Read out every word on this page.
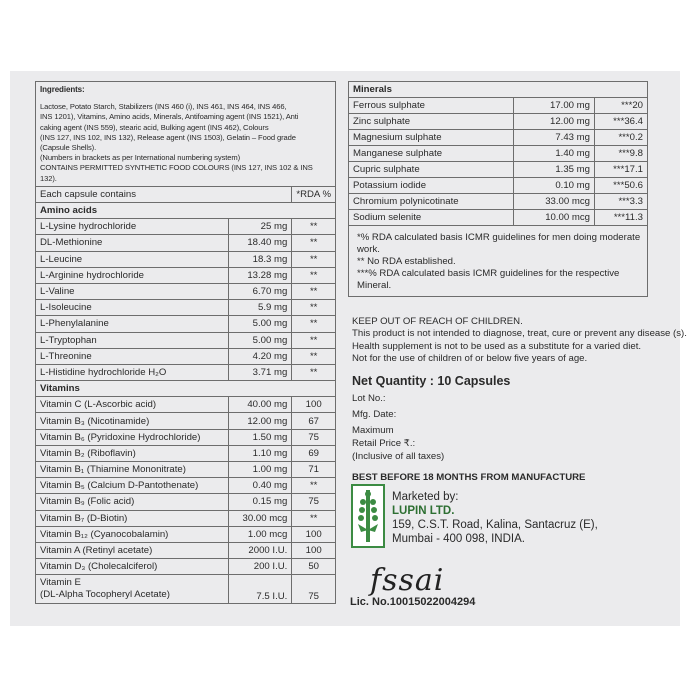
Ingredients:
Lactose, Potato Starch, Stabilizers (INS 460 (i), INS 461, INS 464, INS 466,
INS 1201), Vitamins, Amino acids, Minerals, Antifoaming agent (INS 1521), Anti
caking agent (INS 559), stearic acid, Bulking agent (INS 462), Colours
(INS 127, INS 102, INS 132), Release agent (INS 1503), Gelatin – Food grade
(Capsule Shells).
(Numbers in brackets as per International numbering system)
CONTAINS PERMITTED SYNTHETIC FOOD COLOURS (INS 127, INS 102 & INS 132).
Each capsule contains		*RDA %
Amino acids		
L-Lysine hydrochloride	25 mg	**
DL-Methionine	18.40 mg	**
L-Leucine	18.3 mg	**
L-Arginine hydrochloride	13.28 mg	**
L-Valine	6.70 mg	**
L-Isoleucine	5.9 mg	**
L-Phenylalanine	5.00 mg	**
L-Tryptophan	5.00 mg	**
L-Threonine	4.20 mg	**
L-Histidine hydrochloride H₂O	3.71 mg	**
Vitamins		
Vitamin C (L-Ascorbic acid)	40.00 mg	100
Vitamin B₃ (Nicotinamide)	12.00 mg	67
Vitamin B₆ (Pyridoxine Hydrochloride)	1.50 mg	75
Vitamin B₂ (Riboflavin)	1.10 mg	69
Vitamin B₁ (Thiamine Mononitrate)	1.00 mg	71
Vitamin B₅ (Calcium D-Pantothenate)	0.40 mg	**
Vitamin B₉ (Folic acid)	0.15 mg	75
Vitamin B₇ (D-Biotin)	30.00 mcg	**
Vitamin B₁₂ (Cyanocobalamin)	1.00 mcg	100
Vitamin A (Retinyl acetate)	2000 I.U.	100
Vitamin D₃ (Cholecalciferol)	200 I.U.	50

Vitamin E
(DL-Alpha Tocopheryl Acetate)	7.5 I.U.	75
Minerals		
Ferrous sulphate	17.00 mg	***20
Zinc sulphate	12.00 mg	***36.4
Magnesium sulphate	7.43 mg	***0.2
Manganese sulphate	1.40 mg	***9.8
Cupric sulphate	1.35 mg	***17.1
Potassium iodide	0.10 mg	***50.6
Chromium polynicotinate	33.00 mcg	***3.3
Sodium selenite	10.00 mcg	***11.3
*% RDA calculated basis ICMR guidelines for men doing moderate
work.
** No RDA established.
***% RDA calculated basis ICMR guidelines for the respective
Mineral.
KEEP OUT OF REACH OF CHILDREN.
This product is not intended to diagnose, treat, cure or prevent any disease (s).
Health supplement is not to be used as a substitute for a varied diet.
Not for the use of children of or below five years of age.
Net Quantity : 10 Capsules
Lot No.:
Mfg. Date:
Maximum
Retail Price ₹.:
(Inclusive of all taxes)
BEST BEFORE 18 MONTHS FROM MANUFACTURE
Marketed by:
LUPIN LTD.
159, C.S.T. Road, Kalina, Santacruz (E),
Mumbai - 400 098, INDIA.
fssai
Lic. No.10015022004294
